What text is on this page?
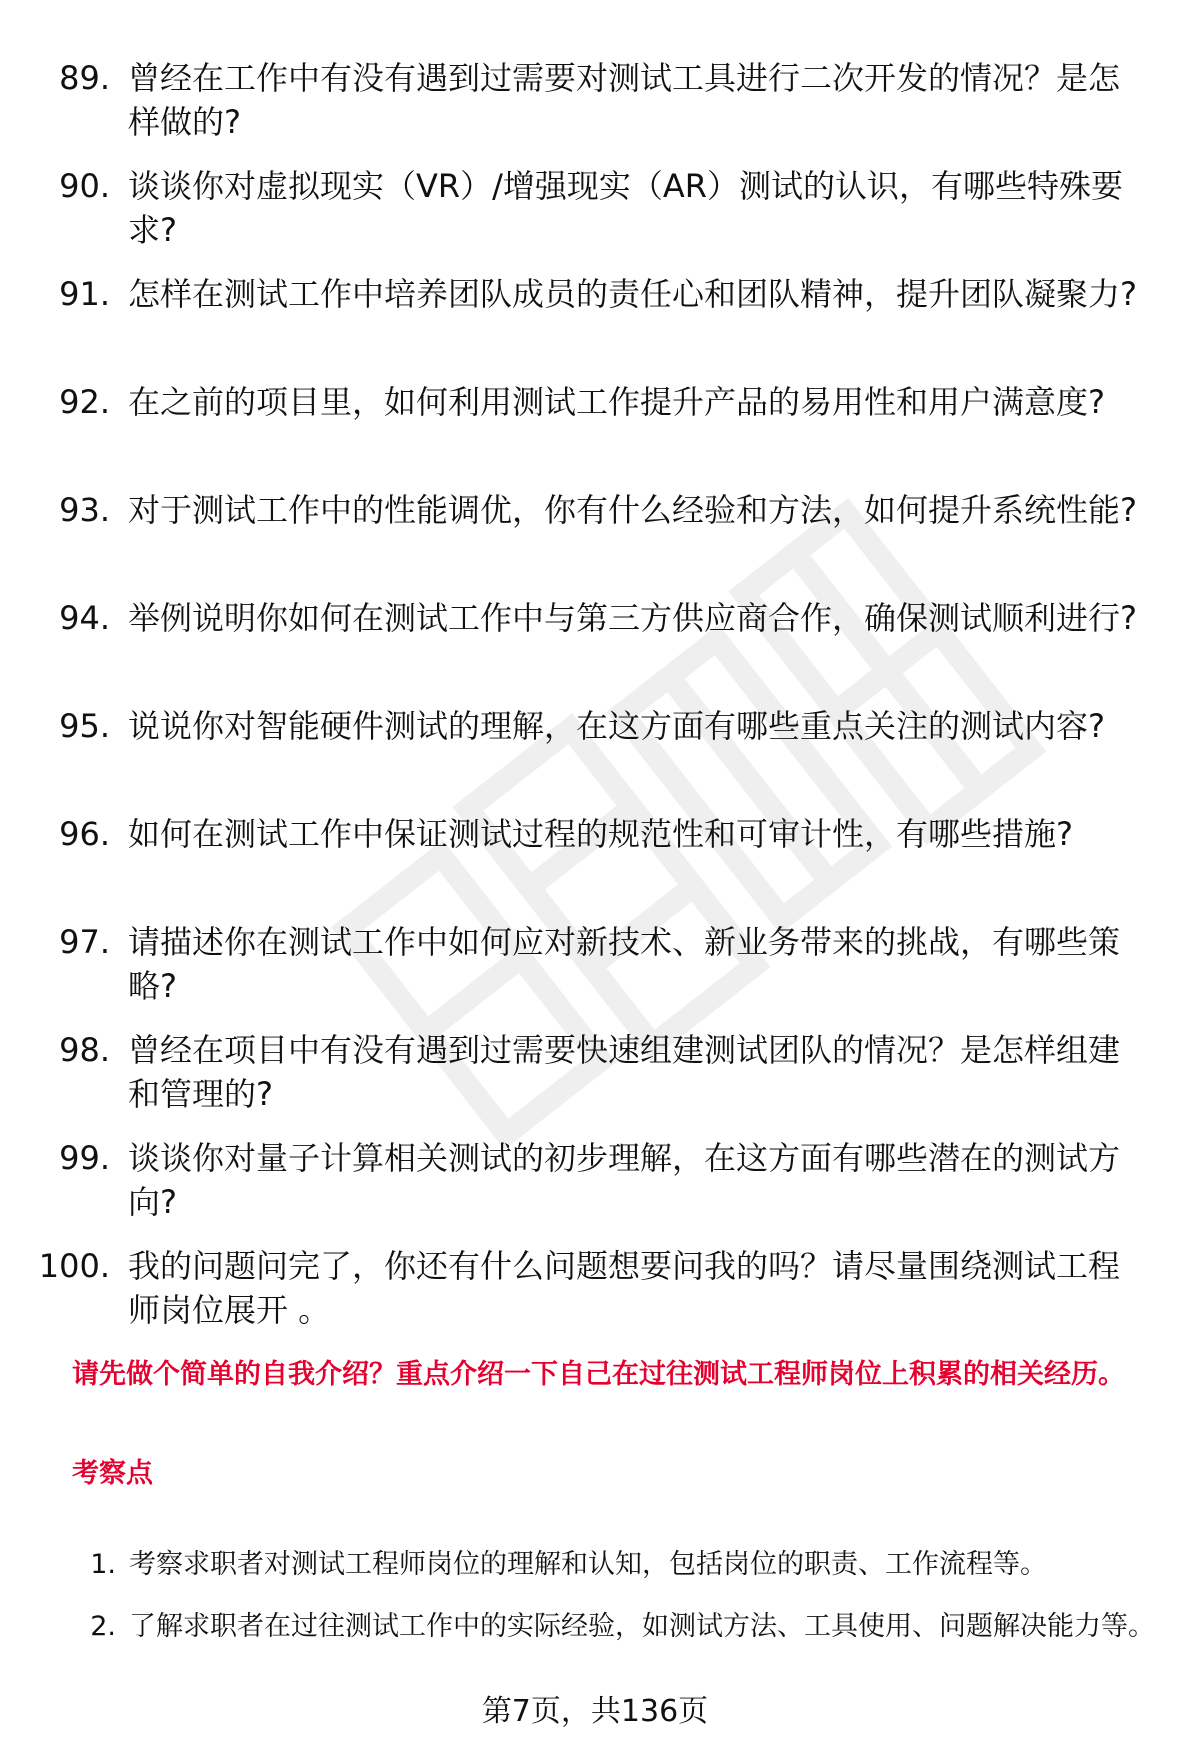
89. 曾经在工作中有没有遇到过需要对测试工具进行二次开发的情况？是怎样做的?
90. 谈谈你对虚拟现实（VR）/增强现实（AR）测试的认识，有哪些特殊要求?
91. 怎样在测试工作中培养团队成员的责任心和团队精神，提升团队凝聚力?
92. 在之前的项目里，如何利用测试工作提升产品的易用性和用户满意度?
93. 对于测试工作中的性能调优，你有什么经验和方法，如何提升系统性能?
94. 举例说明你如何在测试工作中与第三方供应商合作，确保测试顺利进行?
95. 说说你对智能硬件测试的理解，在这方面有哪些重点关注的测试内容?
96. 如何在测试工作中保证测试过程的规范性和可审计性，有哪些措施?
97. 请描述你在测试工作中如何应对新技术、新业务带来的挑战，有哪些策略?
98. 曾经在项目中有没有遇到过需要快速组建测试团队的情况？是怎样组建和管理的?
99. 谈谈你对量子计算相关测试的初步理解，在这方面有哪些潜在的测试方向?
100. 我的问题问完了，你还有什么问题想要问我的吗？请尽量围绕测试工程师岗位展开 。
请先做个简单的自我介绍？重点介绍一下自己在过往测试工程师岗位上积累的相关经历。
考察点
1. 考察求职者对测试工程师岗位的理解和认知，包括岗位的职责、工作流程等。
2. 了解求职者在过往测试工作中的实际经验，如测试方法、工具使用、问题解决能力等。
第7页，共136页
